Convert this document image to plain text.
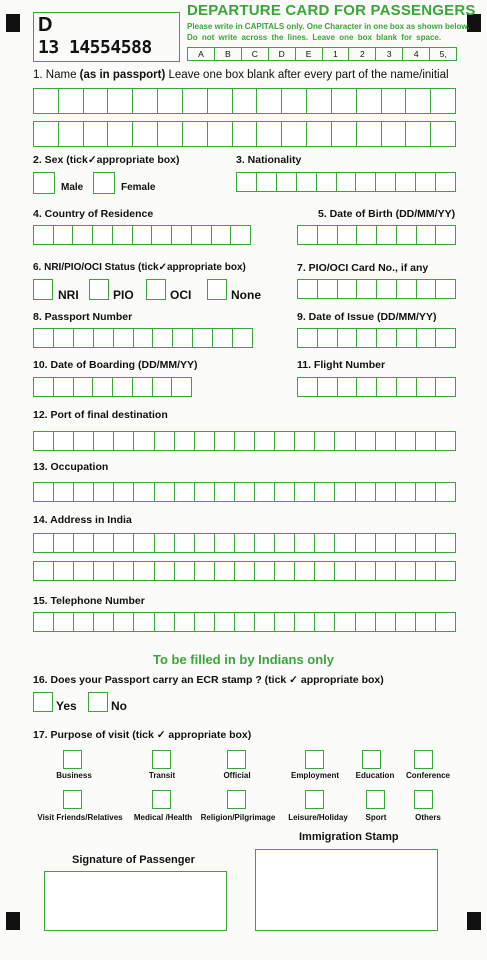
D
13 14554588
DEPARTURE CARD FOR PASSENGERS
Please write in CAPITALS only. One Character in one box as shown below.
Do not write across the lines. Leave one box blank for space.
A	B	C	D	E	1	2	3	4	5,
1. Name (as in passport) Leave one box blank after every part of the name/initial
2. Sex (tick✓appropriate box)
Male	Female
3. Nationality
4. Country of Residence	5. Date of Birth (DD/MM/YY)
6. NRI/PIO/OCI Status (tick✓appropriate box)
NRI	PIO	OCI	None
7. PIO/OCI Card No., if any
8. Passport Number	9. Date of Issue (DD/MM/YY)
10. Date of Boarding (DD/MM/YY)	11. Flight Number
12. Port of final destination
13. Occupation
14. Address in India
15. Telephone Number
To be filled in by Indians only
16. Does your Passport carry an ECR stamp ? (tick ✓ appropriate box)
Yes	No
17. Purpose of visit (tick ✓ appropriate box)
Business	Transit	Official	Employment	Education	Conference
Visit Friends/Relatives	Medical /Health	Religion/Pilgrimage	Leisure/Holiday	Sport	Others
Immigration Stamp
Signature of Passenger
